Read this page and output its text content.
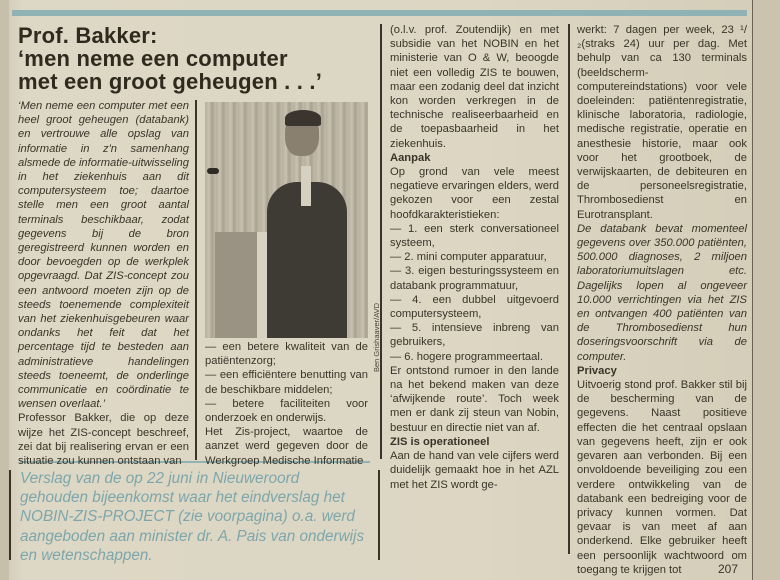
Prof. Bakker:
‘men neme een computer
met een groot geheugen . . .’

‘Men neme een computer met een heel groot geheugen (databank) en vertrouwe alle opslag van informatie in z'n samenhang alsmede de informatie-uitwisseling in het ziekenhuis aan dit computersysteem toe; daartoe stelle men een groot aantal terminals beschikbaar, zodat gegevens bij de bron geregistreerd kunnen worden en door bevoegden op de werkplek opgevraagd. Dat ZIS-concept zou een antwoord moeten zijn op de steeds toenemende complexiteit van het ziekenhuisgebeuren waar ondanks het feit dat het percentage tijd te besteden aan administratieve handelingen steeds toeneemt, de onderlinge communicatie en coördinatie te wensen overlaat.’

Professor Bakker, die op deze wijze het ZIS-concept beschreef, zei dat bij realisering ervan er een situatie zou kunnen ontstaan van

Ben Grishaaver/AVD

— een betere kwaliteit van de patiëntenzorg;

— een efficiëntere benutting van de beschikbare middelen;

— betere faciliteiten voor onderzoek en onderwijs.

Het Zis-project, waartoe de aanzet werd gegeven door de Werkgroep Medische Informatie

(o.l.v. prof. Zoutendijk) en met subsidie van het NOBIN en het ministerie van O & W, beoogde niet een volledig ZIS te bouwen, maar een zodanig deel dat inzicht kon worden verkregen in de technische realiseerbaarheid en de toepasbaarheid in het ziekenhuis.

Aanpak

Op grond van vele meest negatieve ervaringen elders, werd gekozen voor een zestal hoofdkarakteristieken:

— 1. een sterk conversationeel systeem,

— 2. mini computer apparatuur,

— 3. eigen besturingssysteem en databank programmatuur,

— 4. een dubbel uitgevoerd computersysteem,

— 5. intensieve inbreng van gebruikers,

— 6. hogere programmeertaal.

Er ontstond rumoer in den lande na het bekend maken van deze ‘afwijkende route’. Toch week men er dank zij steun van Nobin, bestuur en directie niet van af.

ZIS is operationeel

Aan de hand van vele cijfers werd duidelijk gemaakt hoe in het AZL met het ZIS wordt ge-

werkt: 7 dagen per week, 23 ¹/₂(straks 24) uur per dag. Met behulp van ca 130 terminals (beeldscherm-computereindstations) voor vele doeleinden: patiëntenregistratie, klinische laboratoria, radiologie, medische registratie, operatie en anesthesie historie, maar ook voor het grootboek, de verwijskaarten, de debiteuren en de personeelsregistratie, Thrombosedienst en Eurotransplant.

De databank bevat momenteel gegevens over 350.000 patiënten, 500.000 diagnoses, 2 miljoen laboratoriumuitslagen etc. Dagelijks lopen al ongeveer 10.000 verrichtingen via het ZIS en ontvangen 400 patiënten van de Thrombosedienst hun doseringsvoorschrift via de computer.

Privacy

Uitvoerig stond prof. Bakker stil bij de bescherming van de gegevens. Naast positieve effecten die het centraal opslaan van gegevens heeft, zijn er ook gevaren aan verbonden. Bij een onvoldoende beveiliging zou een verdere ontwikkeling van de databank een bedreiging voor de privacy kunnen vormen. Dat gevaar is van meet af aan onderkend. Elke gebruiker heeft een persoonlijk wachtwoord om toegang te krijgen tot

Verslag van de op 22 juni in Nieuweroord gehouden bijeenkomst waar het eindverslag het NOBIN-ZIS-PROJECT (zie voorpagina) o.a. werd aangeboden aan minister dr. A. Pais van onderwijs en wetenschappen.
207
